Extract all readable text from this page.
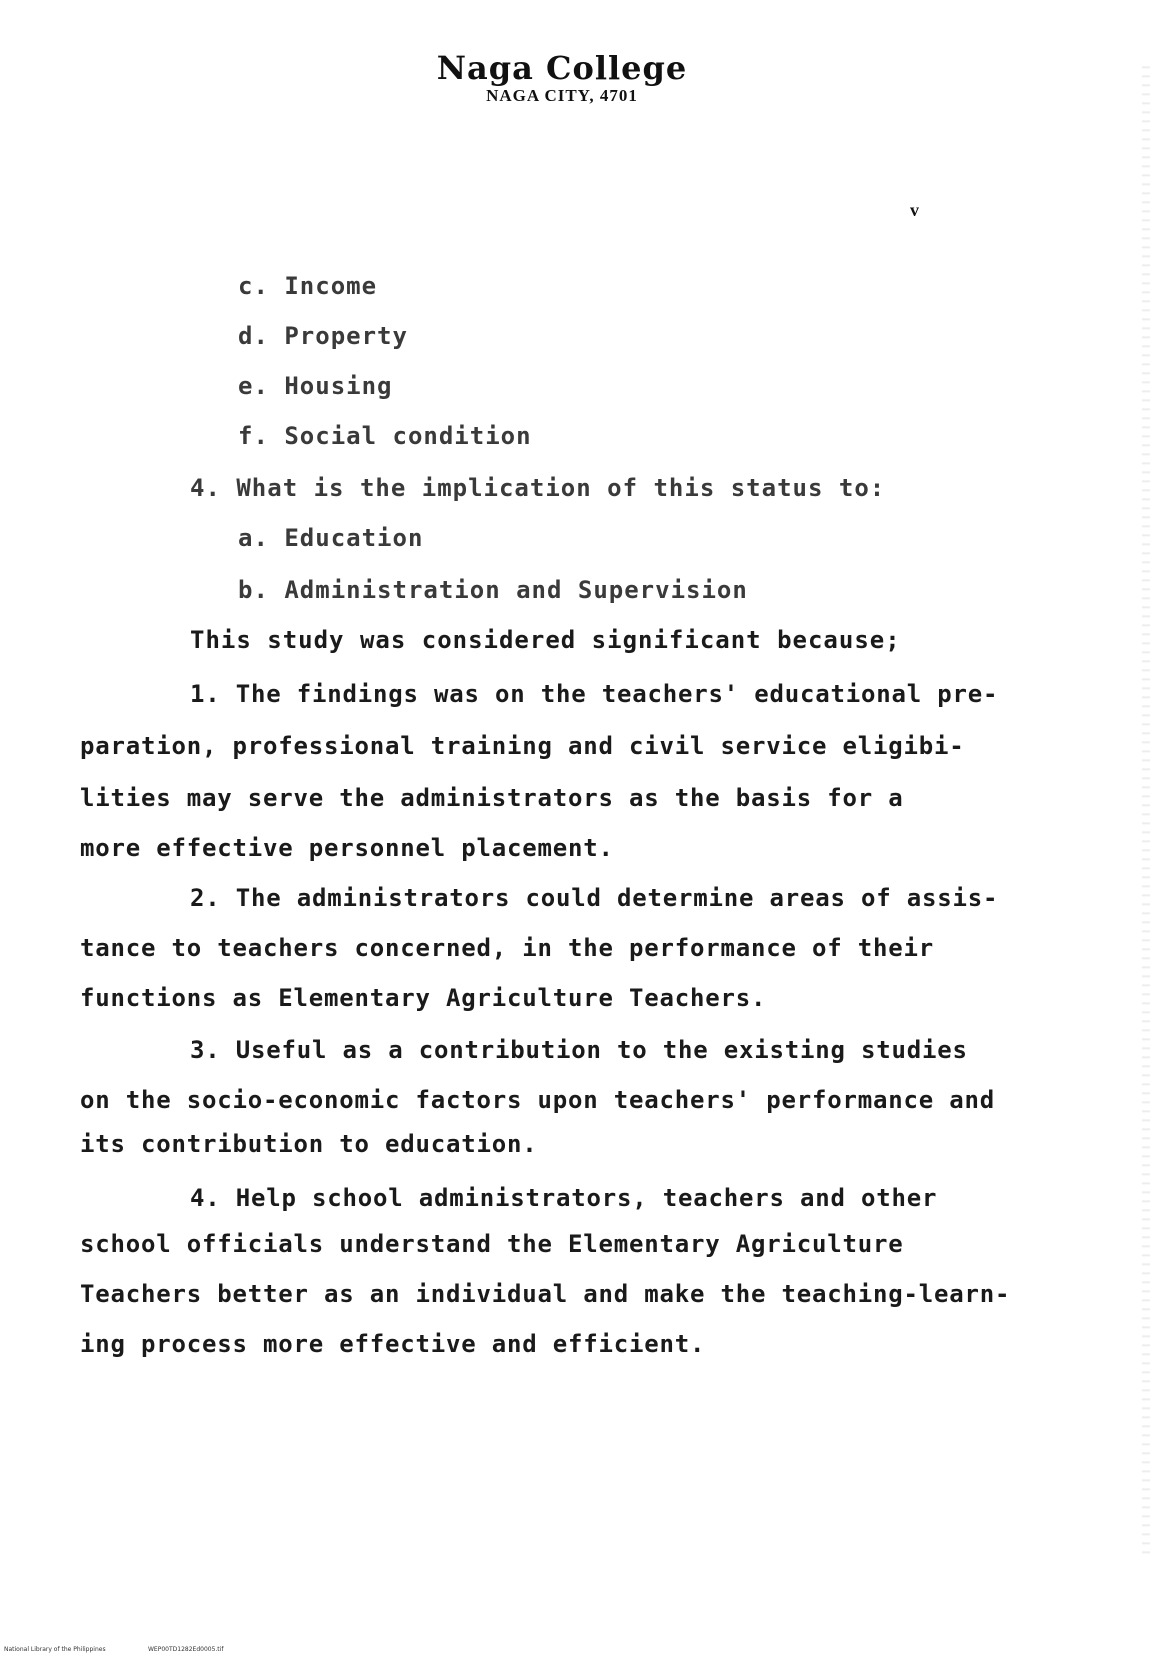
Naga College
NAGA CITY, 4701
v
c. Income
d. Property
e. Housing
f. Social condition
4. What is the implication of this status to:
a. Education
b. Administration and Supervision
This study was considered significant because;
1. The findings was on the teachers' educational pre-
paration, professional training and civil service eligibi-
lities may serve the administrators as the basis for a
more effective personnel placement.
2. The administrators could determine areas of assis-
tance to teachers concerned, in the performance of their
functions as Elementary Agriculture Teachers.
3. Useful as a contribution to the existing studies
on the socio-economic factors upon teachers' performance and
its contribution to education.
4. Help school administrators, teachers and other
school officials understand the Elementary Agriculture
Teachers better as an individual and make the teaching-learn-
ing process more effective and efficient.
National Library of the Philippines	WEP00TD1282Ed0005.tif
